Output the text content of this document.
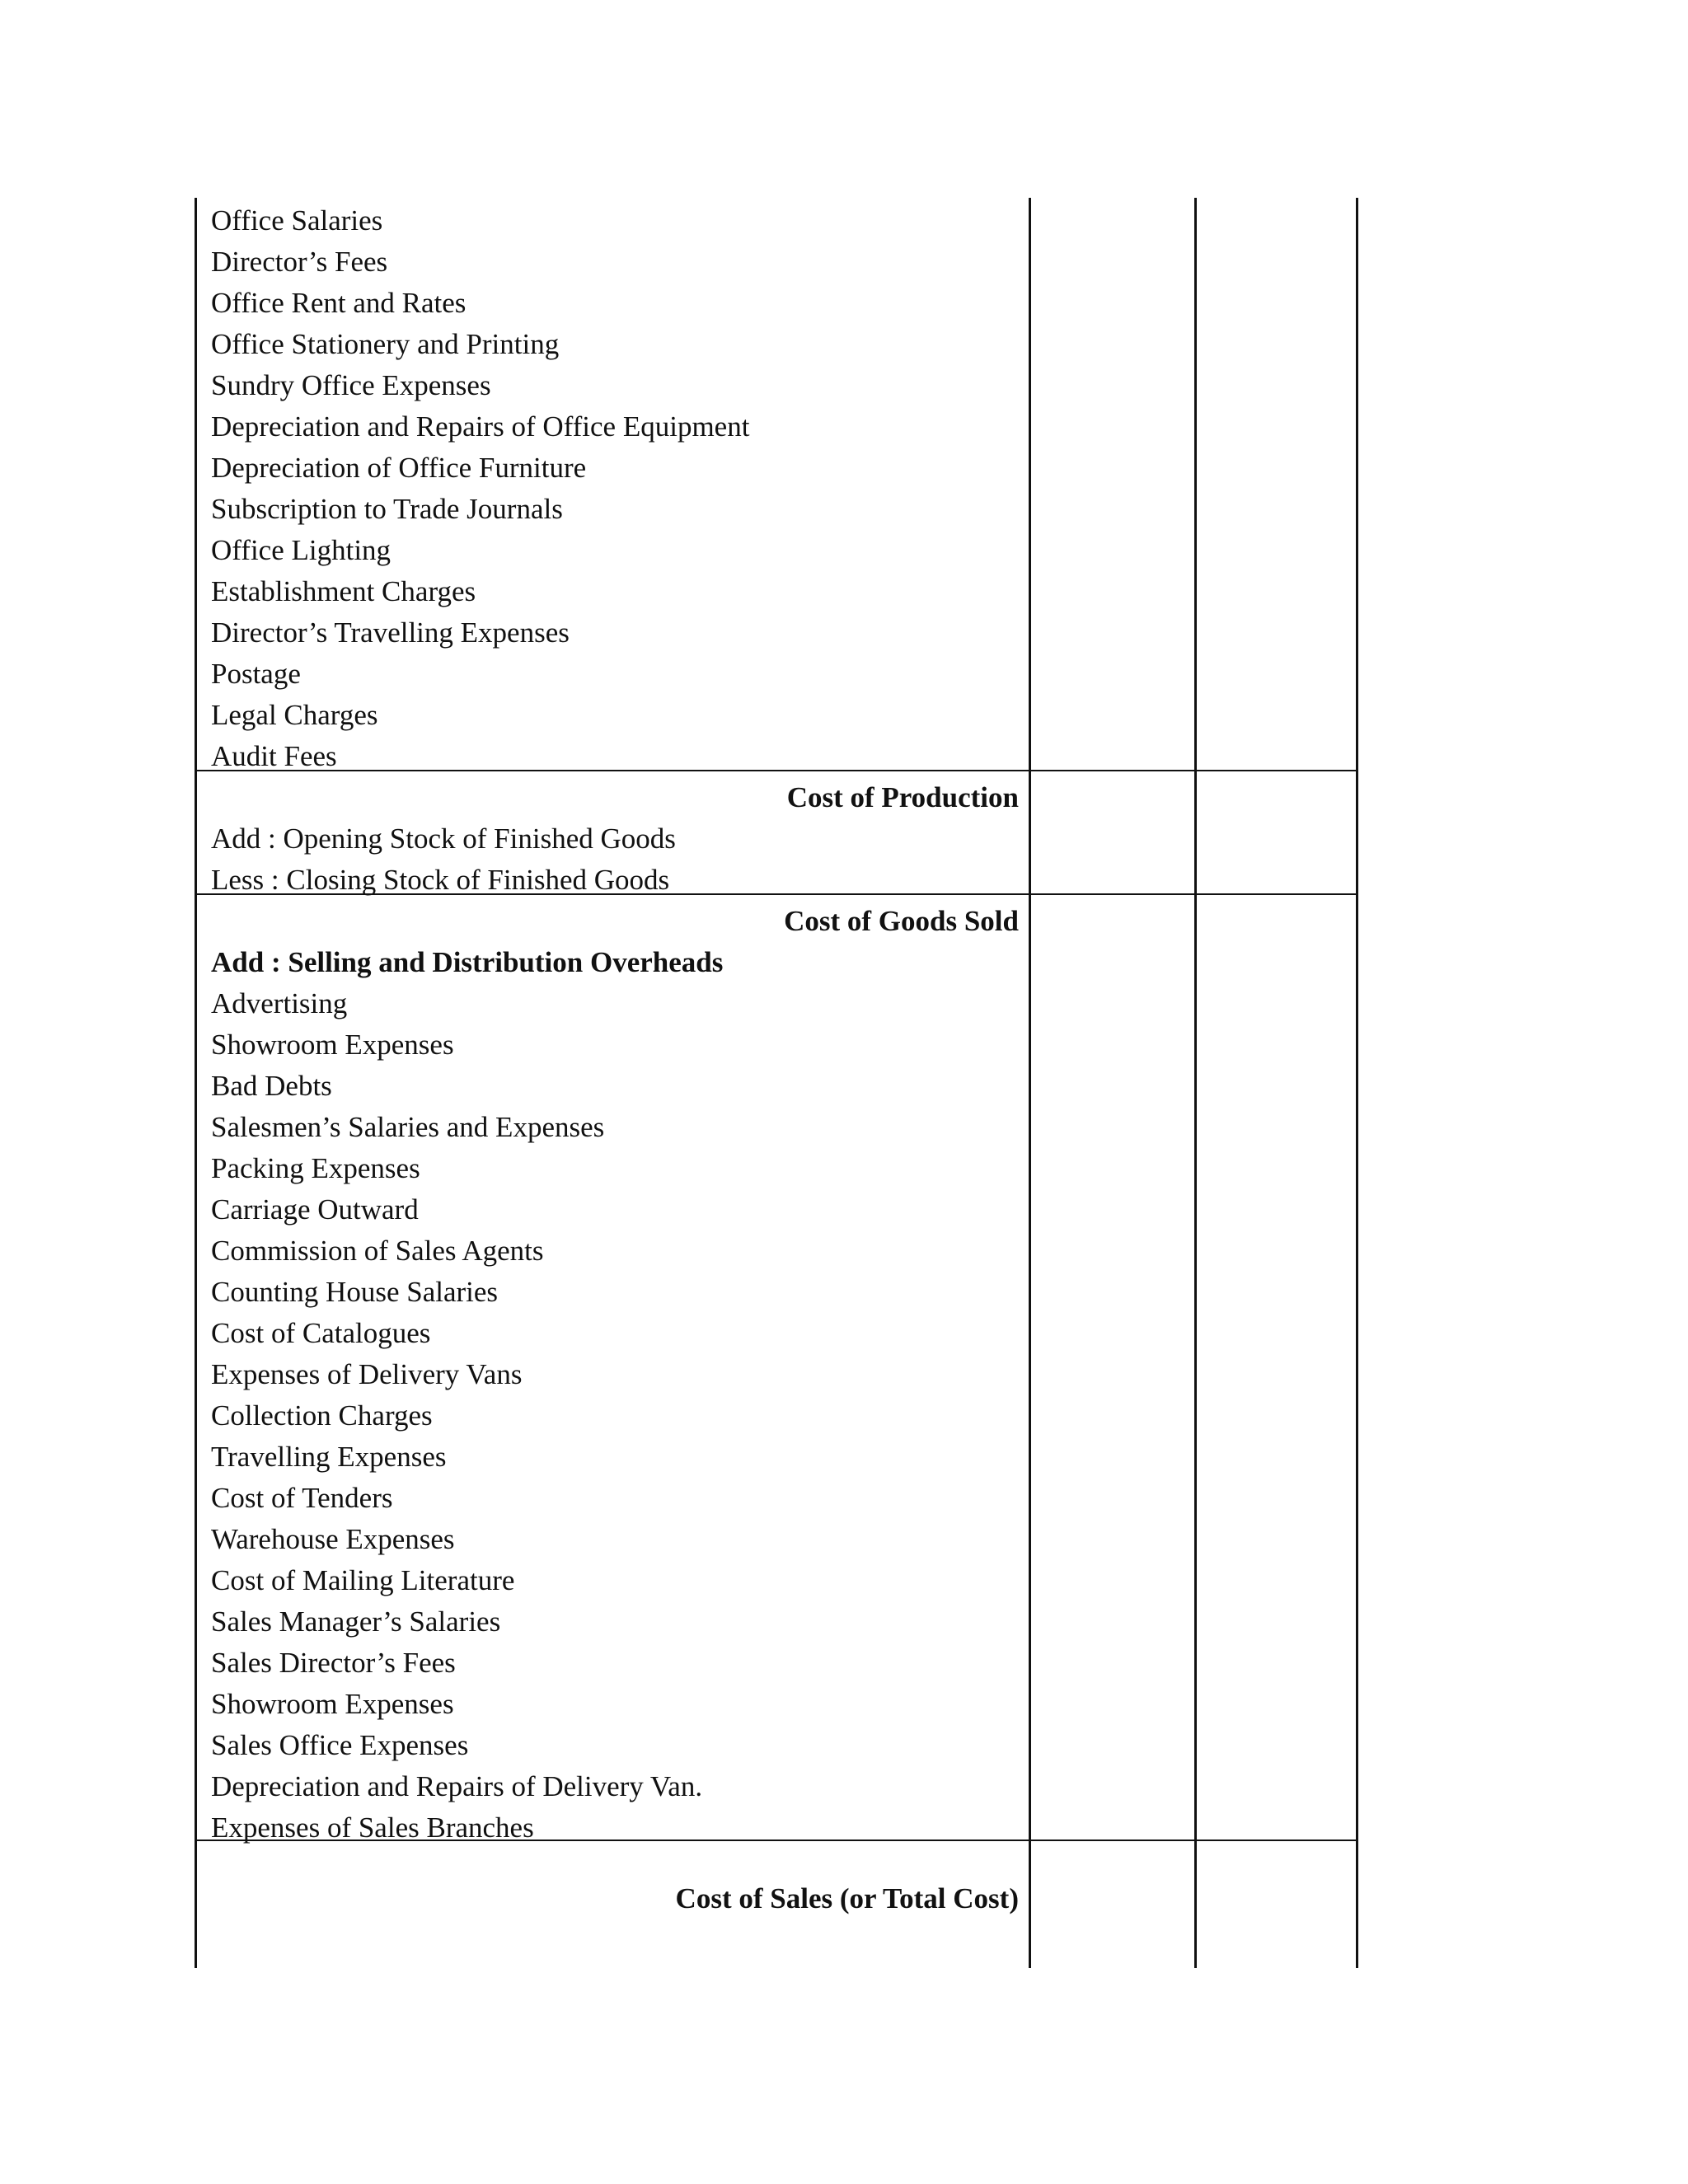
Office Salaries
Director’s Fees
Office Rent and Rates
Office Stationery and Printing
Sundry Office Expenses
Depreciation and Repairs of Office Equipment
Depreciation of Office Furniture
Subscription to Trade Journals
Office Lighting
Establishment Charges
Director’s Travelling Expenses
Postage
Legal Charges
Audit Fees
Cost of Production
Add : Opening Stock of Finished Goods
Less : Closing Stock of Finished Goods
Cost of Goods Sold
Add : Selling and Distribution Overheads
Advertising
Showroom Expenses
Bad Debts
Salesmen’s Salaries and Expenses
Packing Expenses
Carriage Outward
Commission of Sales Agents
Counting House Salaries
Cost of Catalogues
Expenses of Delivery Vans
Collection Charges
Travelling Expenses
Cost of Tenders
Warehouse Expenses
Cost of Mailing Literature
Sales Manager’s Salaries
Sales Director’s Fees
Showroom Expenses
Sales Office Expenses
Depreciation and Repairs of Delivery Van.
Expenses of Sales Branches
Cost of Sales (or Total Cost)
